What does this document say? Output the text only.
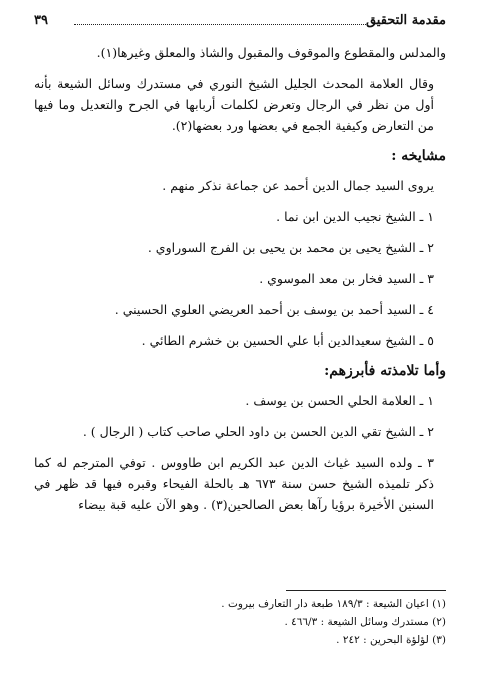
مقدمة التحقيق
٣٩

والمدلس والمقطوع والموقوف والمقبول والشاذ والمعلق وغيرها(١).

وقال العلامة المحدث الجليل الشيخ النوري في مستدرك وسائل الشيعة بأنه أول من نظر في الرجال وتعرض لكلمات أربابها في الجرح والتعديل وما فيها من التعارض وكيفية الجمع في بعضها ورد بعضها(٢).

مشايخه :

يروى السيد جمال الدين أحمد عن جماعة نذكر منهم .

١ ـ الشيخ نجيب الدين ابن نما .

٢ ـ الشيخ يحيى بن محمد بن يحيى بن الفرج السوراوي .

٣ ـ السيد فخار بن معد الموسوي .

٤ ـ السيد أحمد بن يوسف بن أحمد العريضي العلوي الحسيني .

٥ ـ الشيخ سعيدالدين أبا علي الحسين بن خشرم الطائي .

وأما تلامذته فأبرزهم:

١ ـ العلامة الحلي الحسن بن يوسف .

٢ ـ الشيخ تقي الدين الحسن بن داود الحلي صاحب كتاب ( الرجال ) .

٣ ـ ولده السيد غياث الدين عبد الكريم ابن طاووس . توفي المترجم له كما ذكر تلميذه الشيخ حسن سنة ٦٧٣ هـ بالحلة الفيحاء وقبره فيها قد ظهر في السنين الأخيرة برؤيا رآها بعض الصالحين(٣) . وهو الآن عليه قبة بيضاء

(١) اعيان الشيعة : ١٨٩/٣ طبعة دار التعارف بيروت .
(٢) مستدرك وسائل الشيعة : ٤٦٦/٣ .
(٣) لؤلؤة البحرين : ٢٤٢ .
